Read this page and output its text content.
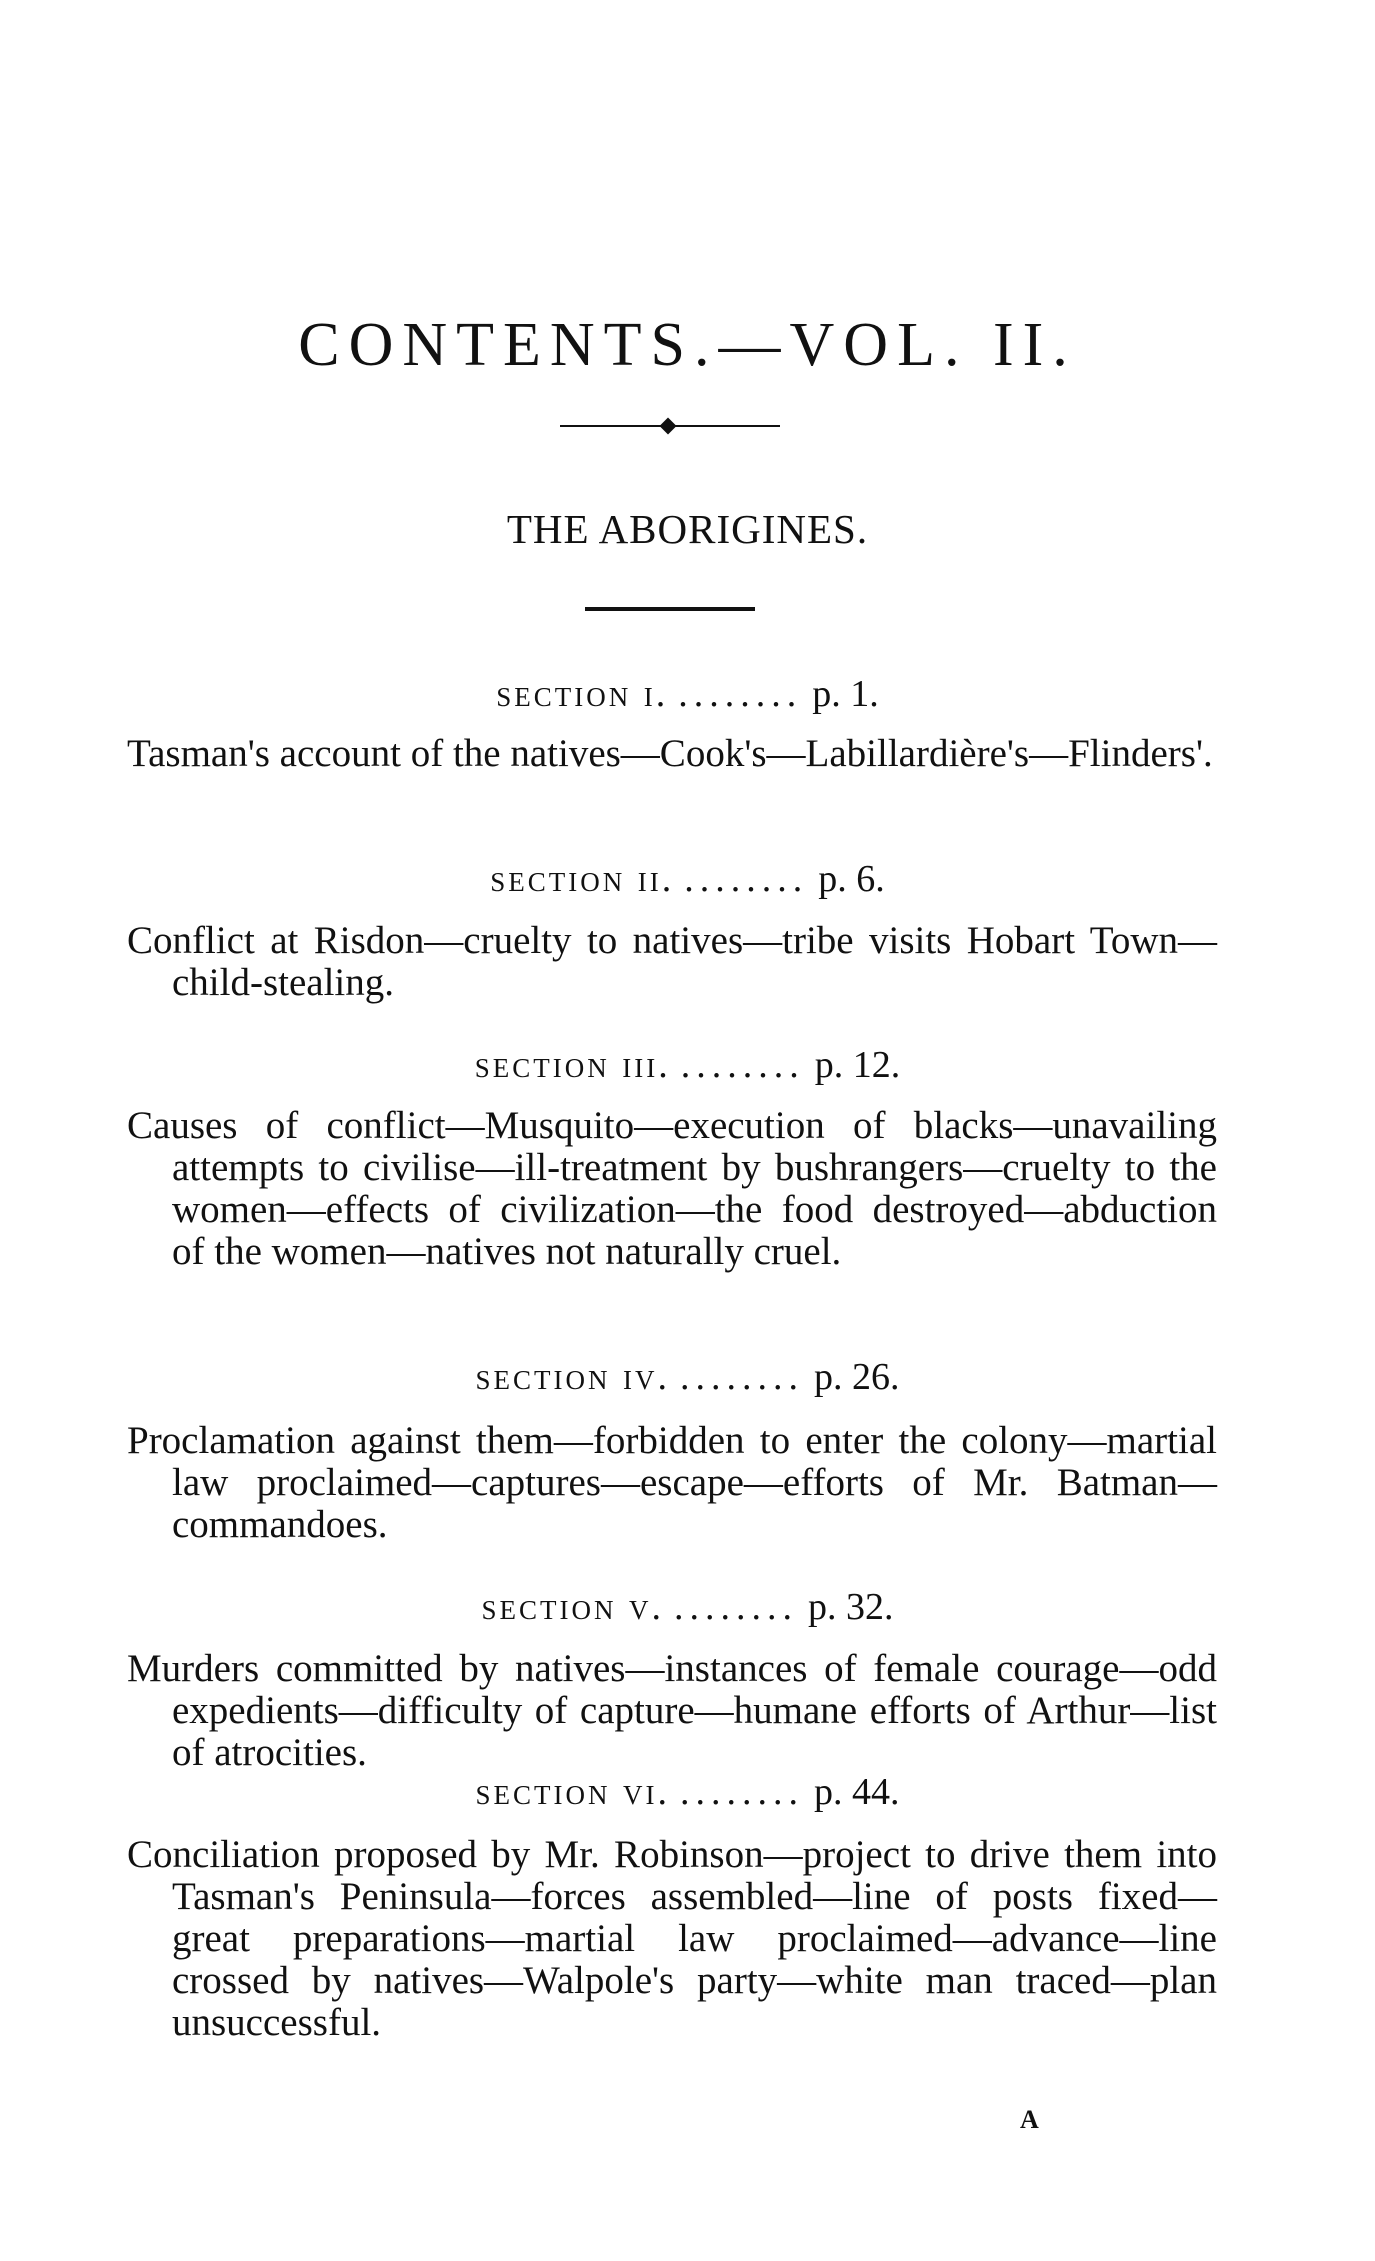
CONTENTS.—VOL. II.
THE ABORIGINES.
section i. ........ p. 1.
Tasman's account of the natives—Cook's—Labillardière's—Flinders'.
section ii. ........ p. 6.
Conflict at Risdon—cruelty to natives—tribe visits Hobart Town—child-stealing.
section iii. ........ p. 12.
Causes of conflict—Musquito—execution of blacks—unavailing attempts to civilise—ill-treatment by bushrangers—cruelty to the women—effects of civilization—the food destroyed—abduction of the women—natives not naturally cruel.
section iv. ........ p. 26.
Proclamation against them—forbidden to enter the colony—martial law proclaimed—captures—escape—efforts of Mr. Batman—commandoes.
section v. ........ p. 32.
Murders committed by natives—instances of female courage—odd expedients—difficulty of capture—humane efforts of Arthur—list of atrocities.
section vi. ........ p. 44.
Conciliation proposed by Mr. Robinson—project to drive them into Tasman's Peninsula—forces assembled—line of posts fixed—great preparations—martial law proclaimed—advance—line crossed by natives—Walpole's party—white man traced—plan unsuccessful.
A
